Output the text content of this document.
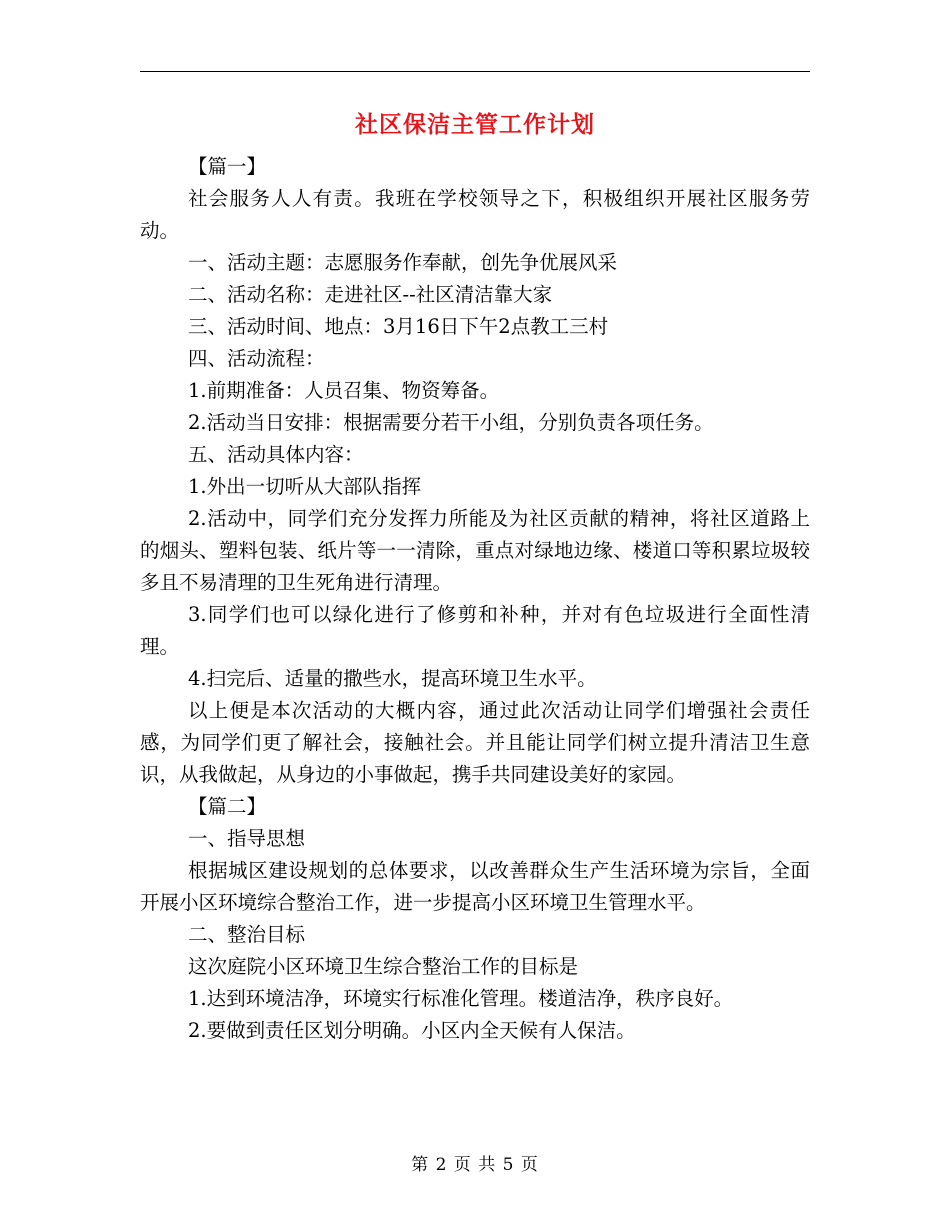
社区保洁主管工作计划

【篇一】

社会服务人人有责。我班在学校领导之下，积极组织开展社区服务劳动。

一、活动主题：志愿服务作奉献，创先争优展风采

二、活动名称：走进社区--社区清洁靠大家

三、活动时间、地点：3月16日下午2点教工三村

四、活动流程：

1.前期准备：人员召集、物资筹备。

2.活动当日安排：根据需要分若干小组，分别负责各项任务。

五、活动具体内容：

1.外出一切听从大部队指挥

2.活动中，同学们充分发挥力所能及为社区贡献的精神，将社区道路上的烟头、塑料包装、纸片等一一清除，重点对绿地边缘、楼道口等积累垃圾较多且不易清理的卫生死角进行清理。

3.同学们也可以绿化进行了修剪和补种，并对有色垃圾进行全面性清理。

4.扫完后、适量的撒些水，提高环境卫生水平。

以上便是本次活动的大概内容，通过此次活动让同学们增强社会责任感，为同学们更了解社会，接触社会。并且能让同学们树立提升清洁卫生意识，从我做起，从身边的小事做起，携手共同建设美好的家园。

【篇二】

一、指导思想

根据城区建设规划的总体要求，以改善群众生产生活环境为宗旨，全面开展小区环境综合整治工作，进一步提高小区环境卫生管理水平。

二、整治目标

这次庭院小区环境卫生综合整治工作的目标是

1.达到环境洁净，环境实行标准化管理。楼道洁净，秩序良好。

2.要做到责任区划分明确。小区内全天候有人保洁。

第 2 页 共 5 页
